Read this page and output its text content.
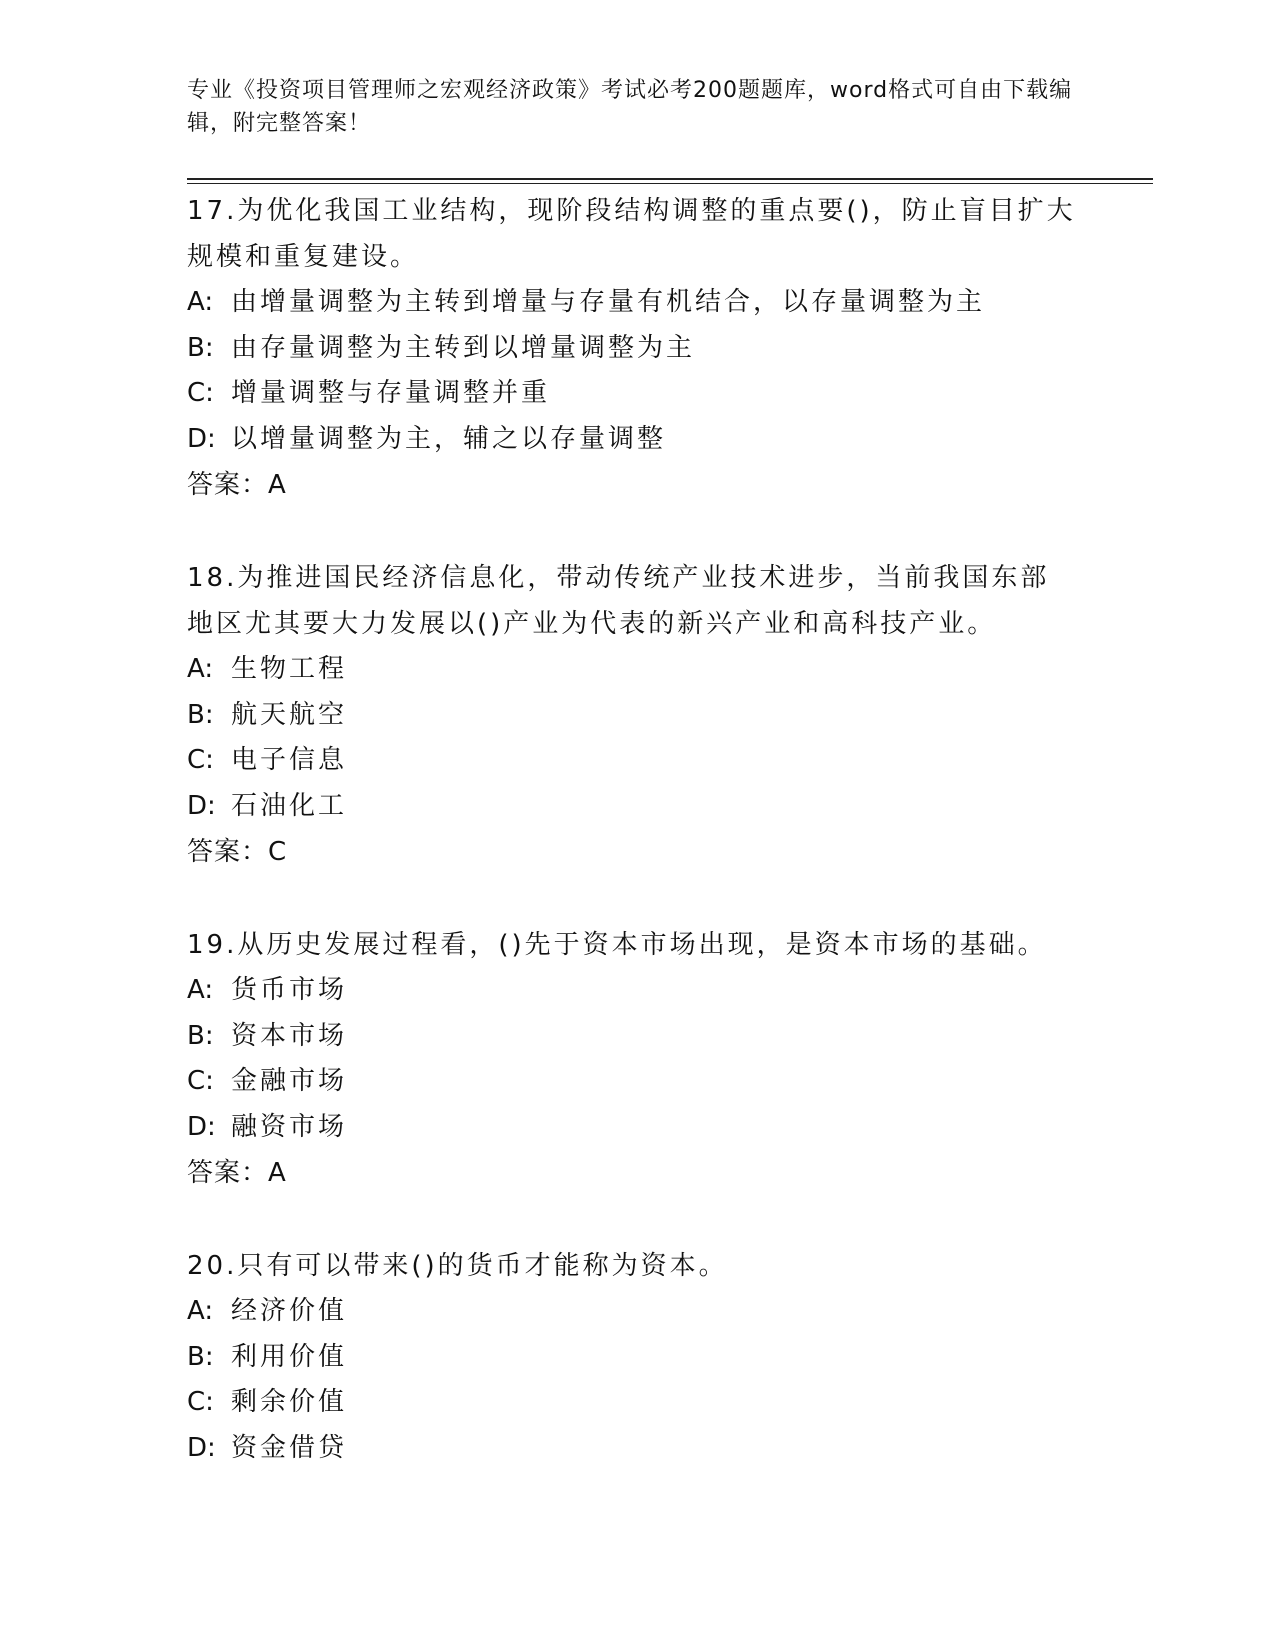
专业《投资项目管理师之宏观经济政策》考试必考200题题库，word格式可自由下载编辑，附完整答案！
17.为优化我国工业结构，现阶段结构调整的重点要()，防止盲目扩大规模和重复建设。
A: 由增量调整为主转到增量与存量有机结合，以存量调整为主
B: 由存量调整为主转到以增量调整为主
C: 增量调整与存量调整并重
D: 以增量调整为主，辅之以存量调整
答案：A
18.为推进国民经济信息化，带动传统产业技术进步，当前我国东部地区尤其要大力发展以()产业为代表的新兴产业和高科技产业。
A: 生物工程
B: 航天航空
C: 电子信息
D: 石油化工
答案：C
19.从历史发展过程看，()先于资本市场出现，是资本市场的基础。
A: 货币市场
B: 资本市场
C: 金融市场
D: 融资市场
答案：A
20.只有可以带来()的货币才能称为资本。
A: 经济价值
B: 利用价值
C: 剩余价值
D: 资金借贷
